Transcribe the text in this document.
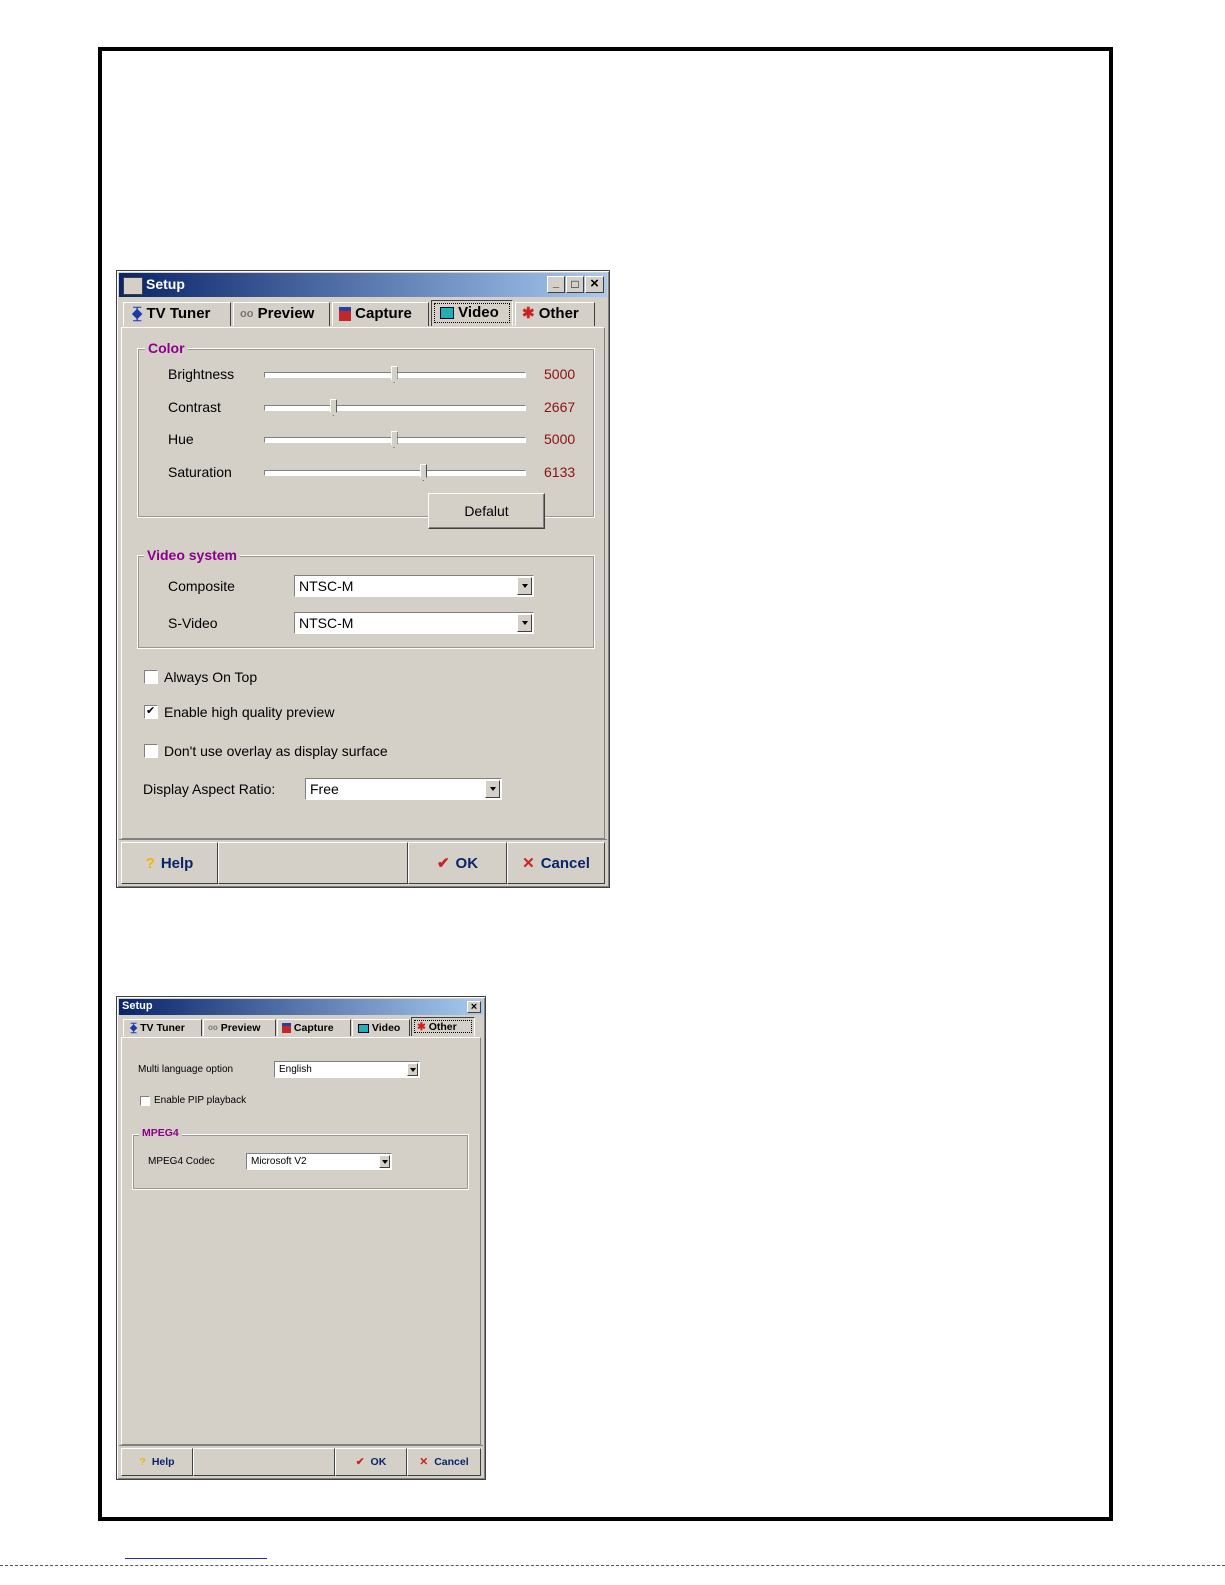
Setup	_	□ ×
⧱ TV Tuner	oo Preview	Capture	Video	✱ Other
Color
Brightness	5000
Contrast	2667
Hue	5000
Saturation	6133
Defalut
Video system
Composite	NTSC-M
S-Video	NTSC-M
Always On Top
✔ Enable high quality preview
Don't use overlay as display surface
Display Aspect Ratio: Free
? Help	✔ OK	✕ Cancel
Setup	×
⧱ TV Tuner	oo Preview	Capture	Video	✱ Other
Multi language option	English
Enable PIP playback
MPEG4
MPEG4 Codec	Microsoft V2
? Help	✔ OK	✕ Cancel
